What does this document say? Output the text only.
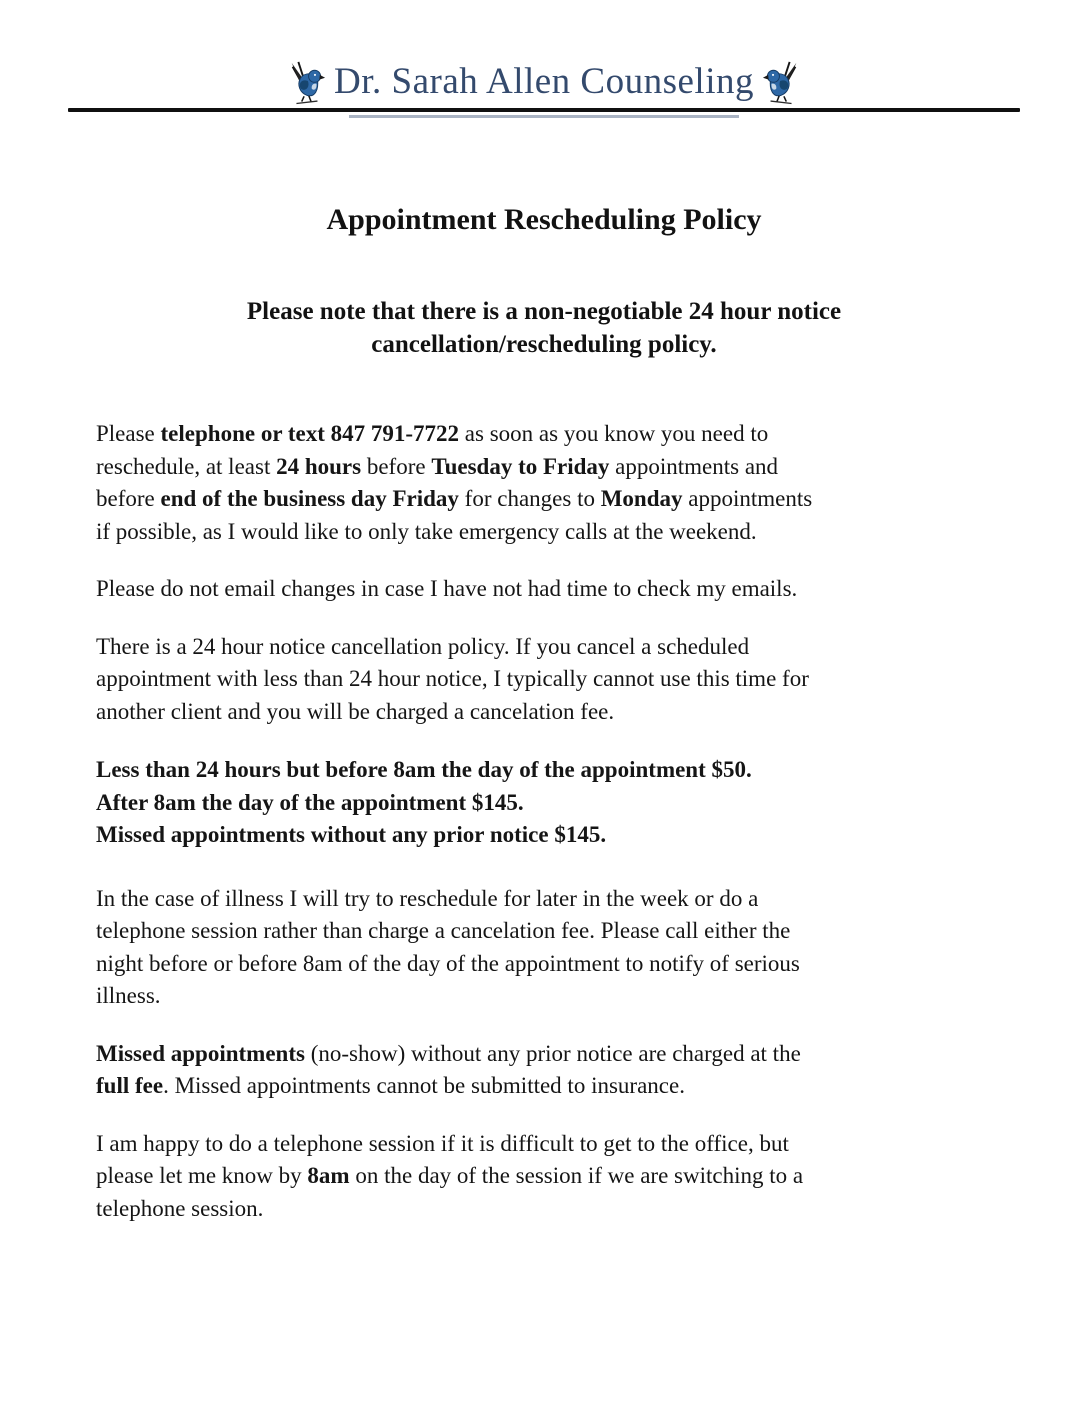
Dr. Sarah Allen Counseling
Appointment Rescheduling Policy
Please note that there is a non-negotiable 24 hour notice
cancellation/rescheduling policy.

Please telephone or text 847 791-7722 as soon as you know you need to
reschedule, at least 24 hours before Tuesday to Friday appointments and
before end of the business day Friday for changes to Monday appointments
if possible, as I would like to only take emergency calls at the weekend.

Please do not email changes in case I have not had time to check my emails.

There is a 24 hour notice cancellation policy. If you cancel a scheduled
appointment with less than 24 hour notice, I typically cannot use this time for
another client and you will be charged a cancelation fee.

Less than 24 hours but before 8am the day of the appointment $50.
After 8am the day of the appointment $145.
Missed appointments without any prior notice $145.

In the case of illness I will try to reschedule for later in the week or do a
telephone session rather than charge a cancelation fee. Please call either the
night before or before 8am of the day of the appointment to notify of serious
illness.

Missed appointments (no-show) without any prior notice are charged at the
full fee. Missed appointments cannot be submitted to insurance.

I am happy to do a telephone session if it is difficult to get to the office, but
please let me know by 8am on the day of the session if we are switching to a
telephone session.
